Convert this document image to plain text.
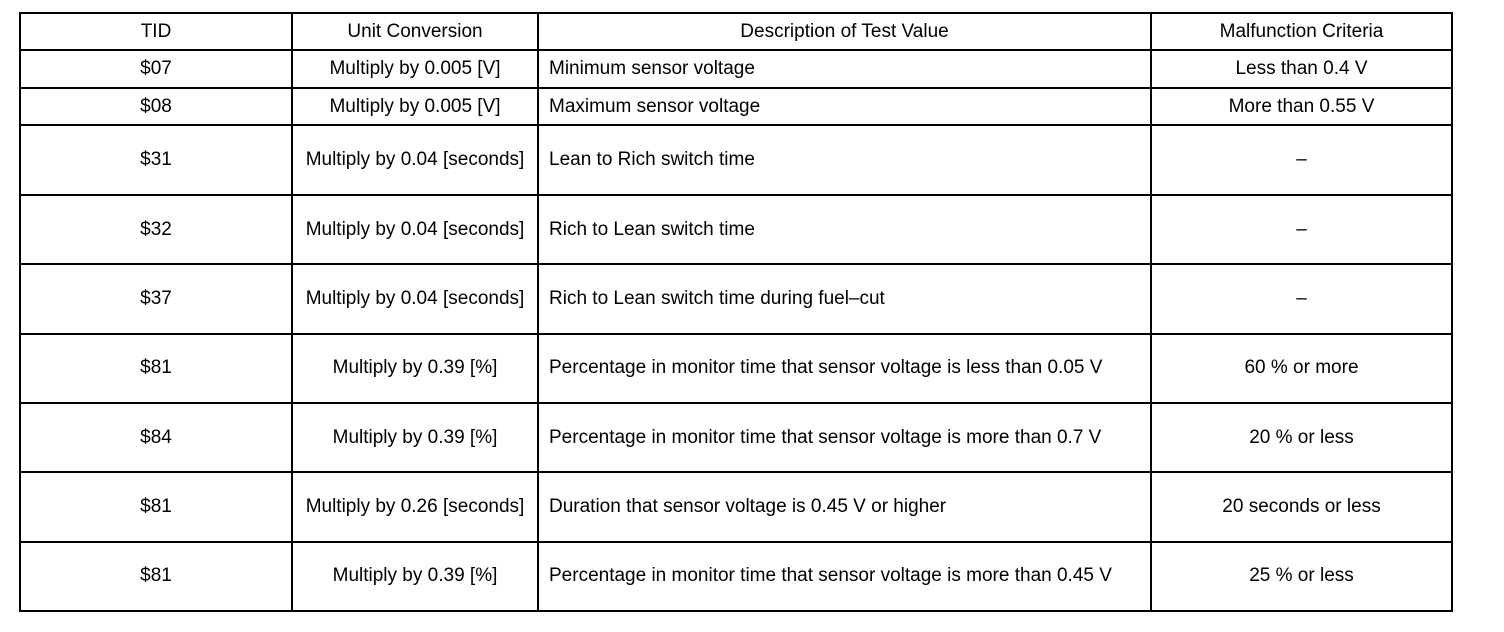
TID	Unit Conversion	Description of Test Value	Malfunction Criteria
$07	Multiply by 0.005 [V]	Minimum sensor voltage	Less than 0.4 V
$08	Multiply by 0.005 [V]	Maximum sensor voltage	More than 0.55 V
$31	Multiply by 0.04 [seconds]	Lean to Rich switch time	–
$32	Multiply by 0.04 [seconds]	Rich to Lean switch time	–
$37	Multiply by 0.04 [seconds]	Rich to Lean switch time during fuel–cut	–
$81	Multiply by 0.39 [%]	Percentage in monitor time that sensor voltage is less than 0.05 V	60 % or more
$84	Multiply by 0.39 [%]	Percentage in monitor time that sensor voltage is more than 0.7 V	20 % or less
$81	Multiply by 0.26 [seconds]	Duration that sensor voltage is 0.45 V or higher	20 seconds or less
$81	Multiply by 0.39 [%]	Percentage in monitor time that sensor voltage is more than 0.45 V	25 % or less
